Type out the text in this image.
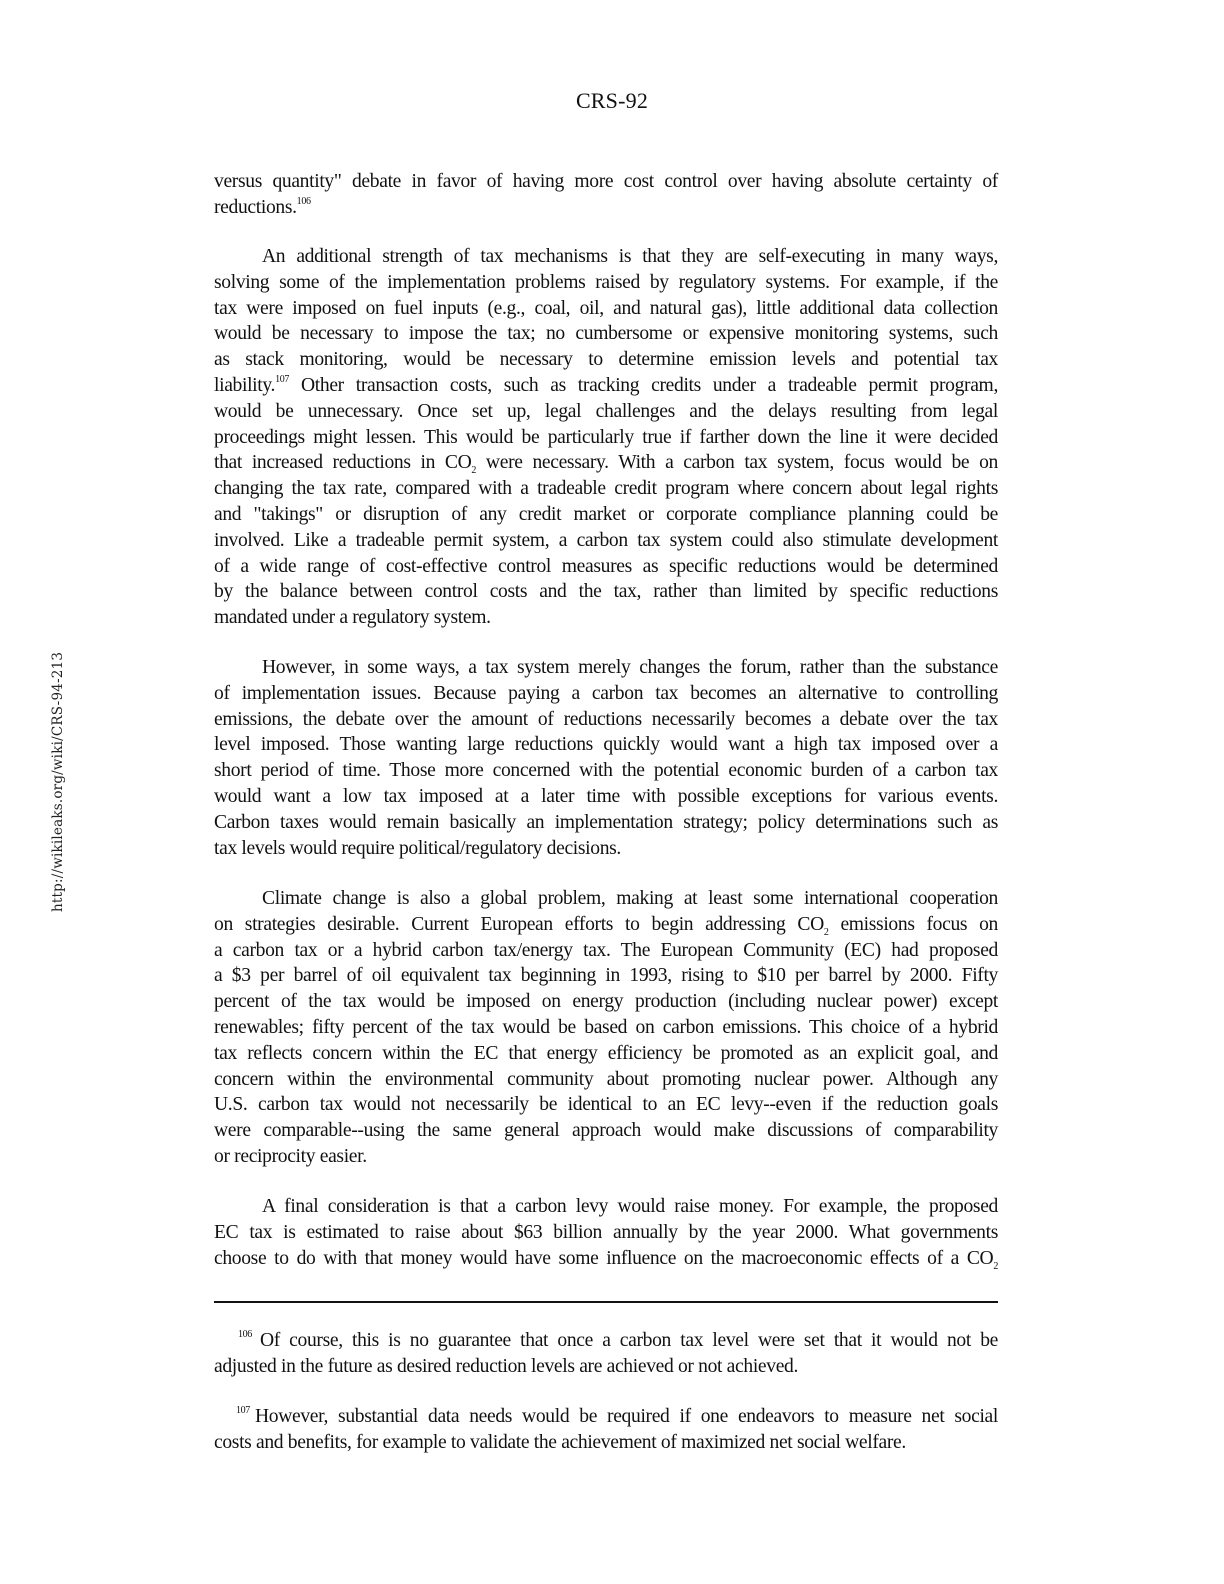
CRS-92
http://wikileaks.org/wiki/CRS-94-213

versus quantity" debate in favor of having more cost control over having absolute certainty of
reductions.$^{106}$

An additional strength of tax mechanisms is that they are self-executing in many ways,
solving some of the implementation problems raised by regulatory systems. For example, if the
tax were imposed on fuel inputs (e.g., coal, oil, and natural gas), little additional data collection
would be necessary to impose the tax; no cumbersome or expensive monitoring systems, such
as stack monitoring, would be necessary to determine emission levels and potential tax
liability.$^{107}$ Other transaction costs, such as tracking credits under a tradeable permit program,
would be unnecessary. Once set up, legal challenges and the delays resulting from legal
proceedings might lessen. This would be particularly true if farther down the line it were decided
that increased reductions in $CO_2$ were necessary. With a carbon tax system, focus would be on
changing the tax rate, compared with a tradeable credit program where concern about legal rights
and "takings" or disruption of any credit market or corporate compliance planning could be
involved. Like a tradeable permit system, a carbon tax system could also stimulate development
of a wide range of cost-effective control measures as specific reductions would be determined
by the balance between control costs and the tax, rather than limited by specific reductions
mandated under a regulatory system.

However, in some ways, a tax system merely changes the forum, rather than the substance
of implementation issues. Because paying a carbon tax becomes an alternative to controlling
emissions, the debate over the amount of reductions necessarily becomes a debate over the tax
level imposed. Those wanting large reductions quickly would want a high tax imposed over a
short period of time. Those more concerned with the potential economic burden of a carbon tax
would want a low tax imposed at a later time with possible exceptions for various events.
Carbon taxes would remain basically an implementation strategy; policy determinations such as
tax levels would require political/regulatory decisions.

Climate change is also a global problem, making at least some international cooperation
on strategies desirable. Current European efforts to begin addressing $CO_2$ emissions focus on
a carbon tax or a hybrid carbon tax/energy tax. The European Community (EC) had proposed
a $3 per barrel of oil equivalent tax beginning in 1993, rising to $10 per barrel by 2000. Fifty
percent of the tax would be imposed on energy production (including nuclear power) except
renewables; fifty percent of the tax would be based on carbon emissions. This choice of a hybrid
tax reflects concern within the EC that energy efficiency be promoted as an explicit goal, and
concern within the environmental community about promoting nuclear power. Although any
U.S. carbon tax would not necessarily be identical to an EC levy--even if the reduction goals
were comparable--using the same general approach would make discussions of comparability
or reciprocity easier.

A final consideration is that a carbon levy would raise money. For example, the proposed
EC tax is estimated to raise about $63 billion annually by the year 2000. What governments
choose to do with that money would have some influence on the macroeconomic effects of a $CO_2$

$^{106}$ Of course, this is no guarantee that once a carbon tax level were set that it would not be
adjusted in the future as desired reduction levels are achieved or not achieved.

$^{107}$ However, substantial data needs would be required if one endeavors to measure net social
costs and benefits, for example to validate the achievement of maximized net social welfare.
